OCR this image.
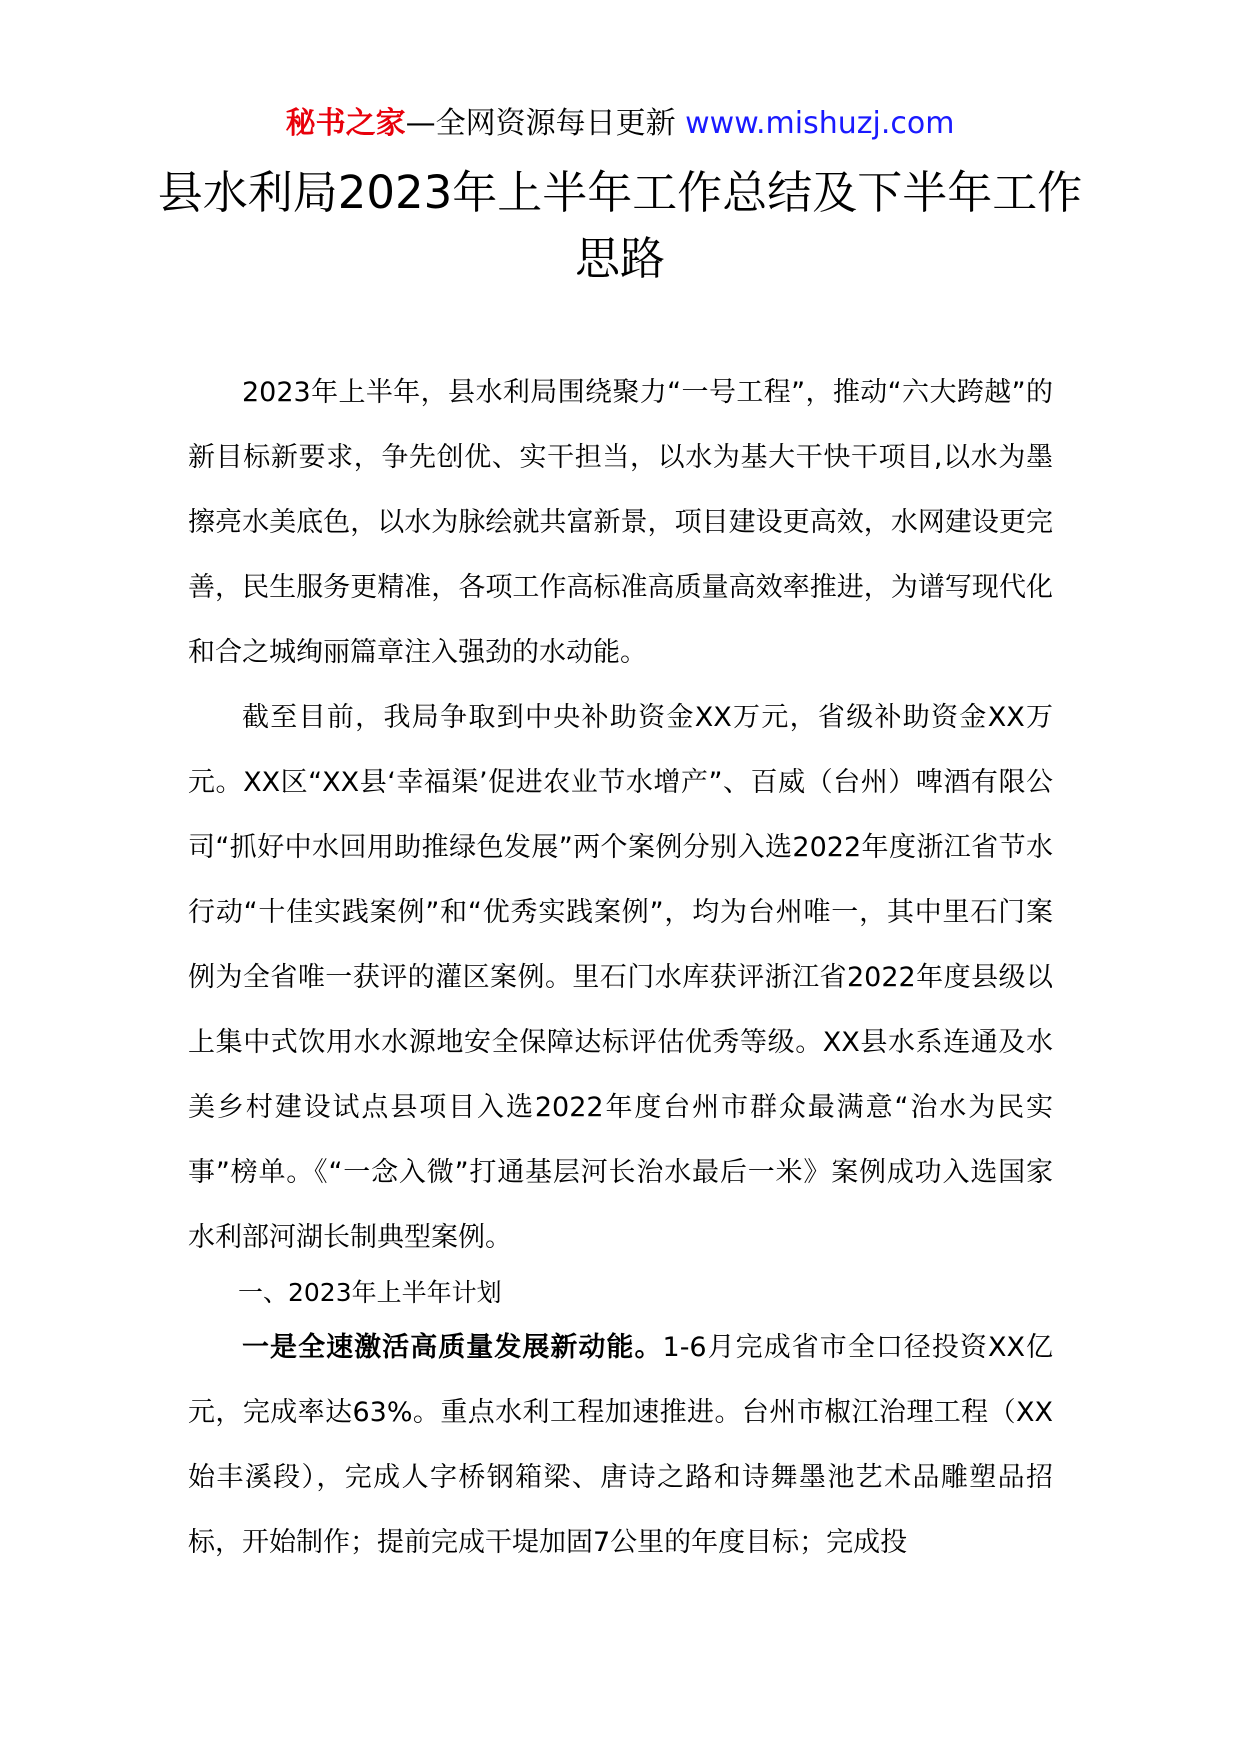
秘书之家—全网资源每日更新 www.mishuzj.com
县水利局2023年上半年工作总结及下半年工作思路

2023年上半年，县水利局围绕聚力“一号工程”，推动“六大跨越”的新目标新要求，争先创优、实干担当，以水为基大干快干项目,以水为墨擦亮水美底色，以水为脉绘就共富新景，项目建设更高效，水网建设更完善，民生服务更精准，各项工作高标准高质量高效率推进，为谱写现代化和合之城绚丽篇章注入强劲的水动能。

截至目前，我局争取到中央补助资金XX万元，省级补助资金XX万元。XX区“XX县‘幸福渠’促进农业节水增产”、百威（台州）啤酒有限公司“抓好中水回用助推绿色发展”两个案例分别入选2022年度浙江省节水行动“十佳实践案例”和“优秀实践案例”，均为台州唯一，其中里石门案例为全省唯一获评的灌区案例。里石门水库获评浙江省2022年度县级以上集中式饮用水水源地安全保障达标评估优秀等级。XX县水系连通及水美乡村建设试点县项目入选2022年度台州市群众最满意“治水为民实事”榜单。《“一念入微”打通基层河长治水最后一米》案例成功入选国家水利部河湖长制典型案例。

一、2023年上半年计划

一是全速激活高质量发展新动能。1-6月完成省市全口径投资XX亿元，完成率达63%。重点水利工程加速推进。台州市椒江治理工程（XX始丰溪段），完成人字桥钢箱梁、唐诗之路和诗舞墨池艺术品雕塑品招标，开始制作；提前完成干堤加固7公里的年度目标；完成投
